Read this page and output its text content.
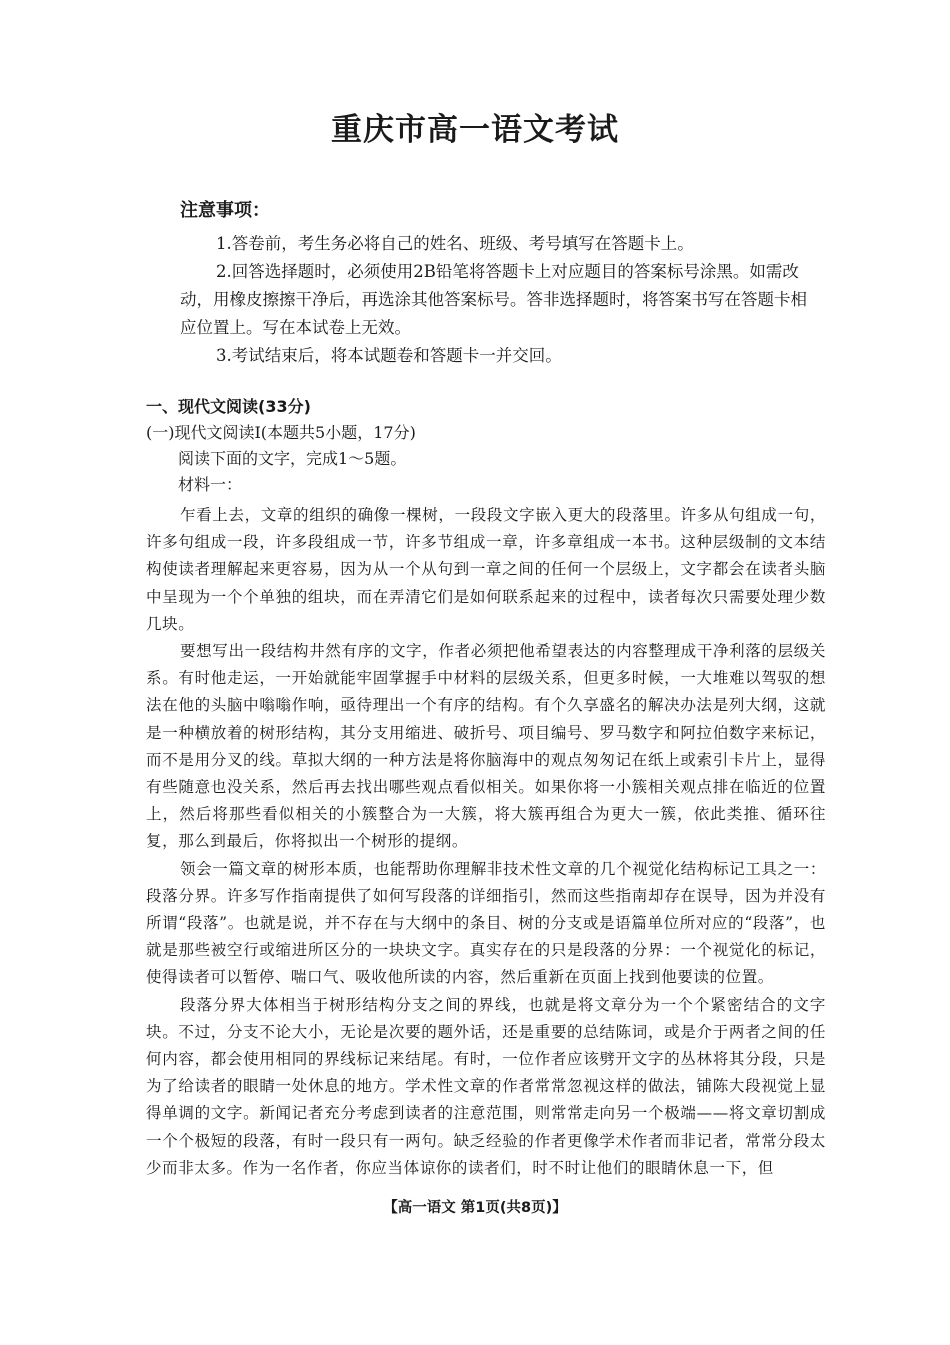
重庆市高一语文考试

注意事项：

1.答卷前，考生务必将自己的姓名、班级、考号填写在答题卡上。

2.回答选择题时，必须使用2B铅笔将答题卡上对应题目的答案标号涂黑。如需改动，用橡皮擦擦干净后，再选涂其他答案标号。答非选择题时，将答案书写在答题卡相应位置上。写在本试卷上无效。

3.考试结束后，将本试题卷和答题卡一并交回。

一、现代文阅读(33分)

(一)现代文阅读Ⅰ(本题共5小题，17分)

阅读下面的文字，完成1～5题。

材料一：

乍看上去，文章的组织的确像一棵树，一段段文字嵌入更大的段落里。许多从句组成一句，许多句组成一段，许多段组成一节，许多节组成一章，许多章组成一本书。这种层级制的文本结构使读者理解起来更容易，因为从一个从句到一章之间的任何一个层级上，文字都会在读者头脑中呈现为一个个单独的组块，而在弄清它们是如何联系起来的过程中，读者每次只需要处理少数几块。

要想写出一段结构井然有序的文字，作者必须把他希望表达的内容整理成干净利落的层级关系。有时他走运，一开始就能牢固掌握手中材料的层级关系，但更多时候，一大堆难以驾驭的想法在他的头脑中嗡嗡作响，亟待理出一个有序的结构。有个久享盛名的解决办法是列大纲，这就是一种横放着的树形结构，其分支用缩进、破折号、项目编号、罗马数字和阿拉伯数字来标记，而不是用分叉的线。草拟大纲的一种方法是将你脑海中的观点匆匆记在纸上或索引卡片上，显得有些随意也没关系，然后再去找出哪些观点看似相关。如果你将一小簇相关观点排在临近的位置上，然后将那些看似相关的小簇整合为一大簇，将大簇再组合为更大一簇，依此类推、循环往复，那么到最后，你将拟出一个树形的提纲。

领会一篇文章的树形本质，也能帮助你理解非技术性文章的几个视觉化结构标记工具之一：段落分界。许多写作指南提供了如何写段落的详细指引，然而这些指南却存在误导，因为并没有所谓“段落”。也就是说，并不存在与大纲中的条目、树的分支或是语篇单位所对应的“段落”，也就是那些被空行或缩进所区分的一块块文字。真实存在的只是段落的分界：一个视觉化的标记，使得读者可以暂停、喘口气、吸收他所读的内容，然后重新在页面上找到他要读的位置。

段落分界大体相当于树形结构分支之间的界线，也就是将文章分为一个个紧密结合的文字块。不过，分支不论大小，无论是次要的题外话，还是重要的总结陈词，或是介于两者之间的任何内容，都会使用相同的界线标记来结尾。有时，一位作者应该劈开文字的丛林将其分段，只是为了给读者的眼睛一处休息的地方。学术性文章的作者常常忽视这样的做法，铺陈大段视觉上显得单调的文字。新闻记者充分考虑到读者的注意范围，则常常走向另一个极端——将文章切割成一个个极短的段落，有时一段只有一两句。缺乏经验的作者更像学术作者而非记者，常常分段太少而非太多。作为一名作者，你应当体谅你的读者们，时不时让他们的眼睛休息一下，但

【高一语文 第1页(共8页)】
